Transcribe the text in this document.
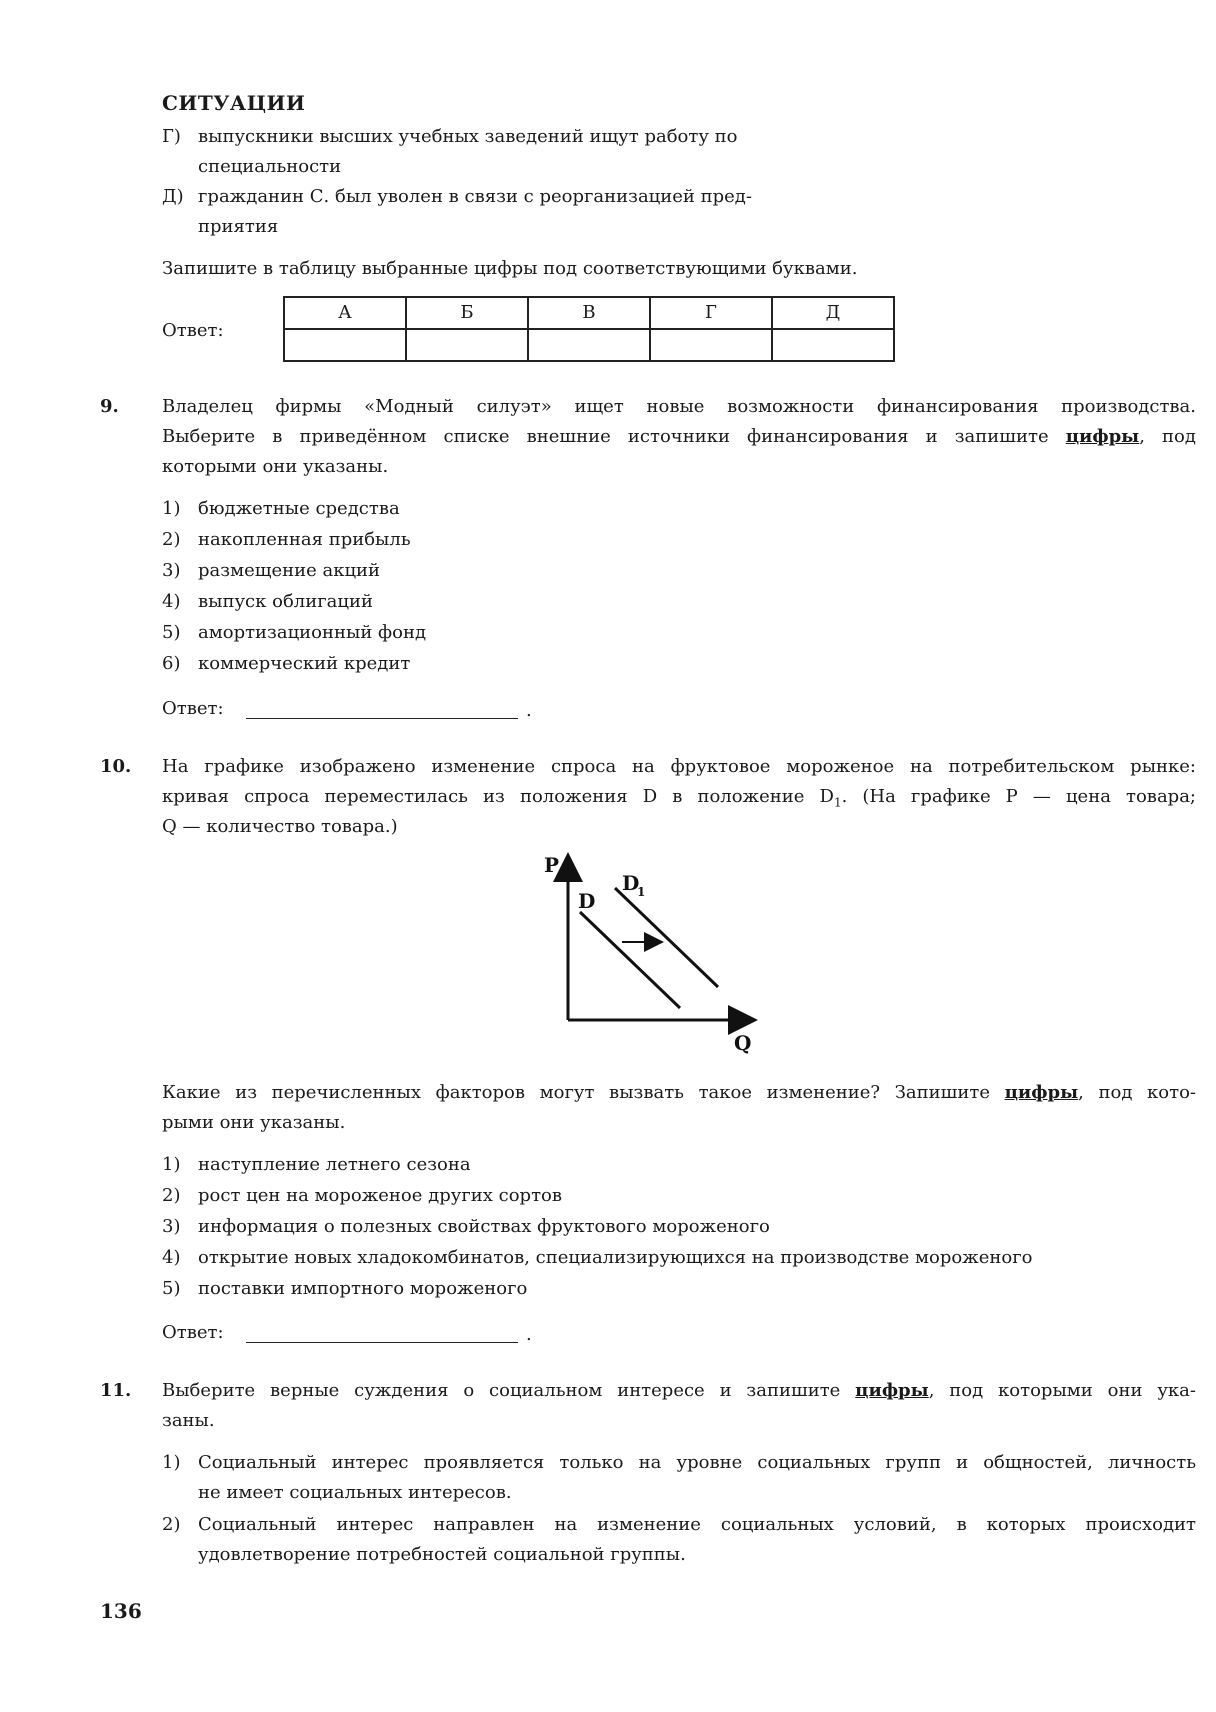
СИТУАЦИИ
Г) выпускники высших учебных заведений ищут работу по
специальности
Д) гражданин С. был уволен в связи с реорганизацией пред-
приятия
Запишите в таблицу выбранные цифры под соответствующими буквами.
Ответ:
А	Б	В	Г	Д

9. Владелец фирмы «Модный силуэт» ищет новые возможности финансирования производства.
Выберите в приведённом списке внешние источники финансирования и запишите цифры, под
которыми они указаны.
1) бюджетные средства
2) накопленная прибыль
3) размещение акций
4) выпуск облигаций
5) амортизационный фонд
6) коммерческий кредит
Ответ:	.
10. На графике изображено изменение спроса на фруктовое мороженое на потребительском рынке:
кривая спроса переместилась из положения D в положение $D_1$. (На графике P — цена товара;
Q — количество товара.)
P
D
D
1
Q
Какие из перечисленных факторов могут вызвать такое изменение? Запишите цифры, под кото-
рыми они указаны.
1) наступление летнего сезона
2) рост цен на мороженое других сортов
3) информация о полезных свойствах фруктового мороженого
4) открытие новых хладокомбинатов, специализирующихся на производстве мороженого
5) поставки импортного мороженого
Ответ:	.
11. Выберите верные суждения о социальном интересе и запишите цифры, под которыми они ука-
заны.
1) Социальный интерес проявляется только на уровне социальных групп и общностей, личность
не имеет социальных интересов.
2) Социальный интерес направлен на изменение социальных условий, в которых происходит
удовлетворение потребностей социальной группы.
136
